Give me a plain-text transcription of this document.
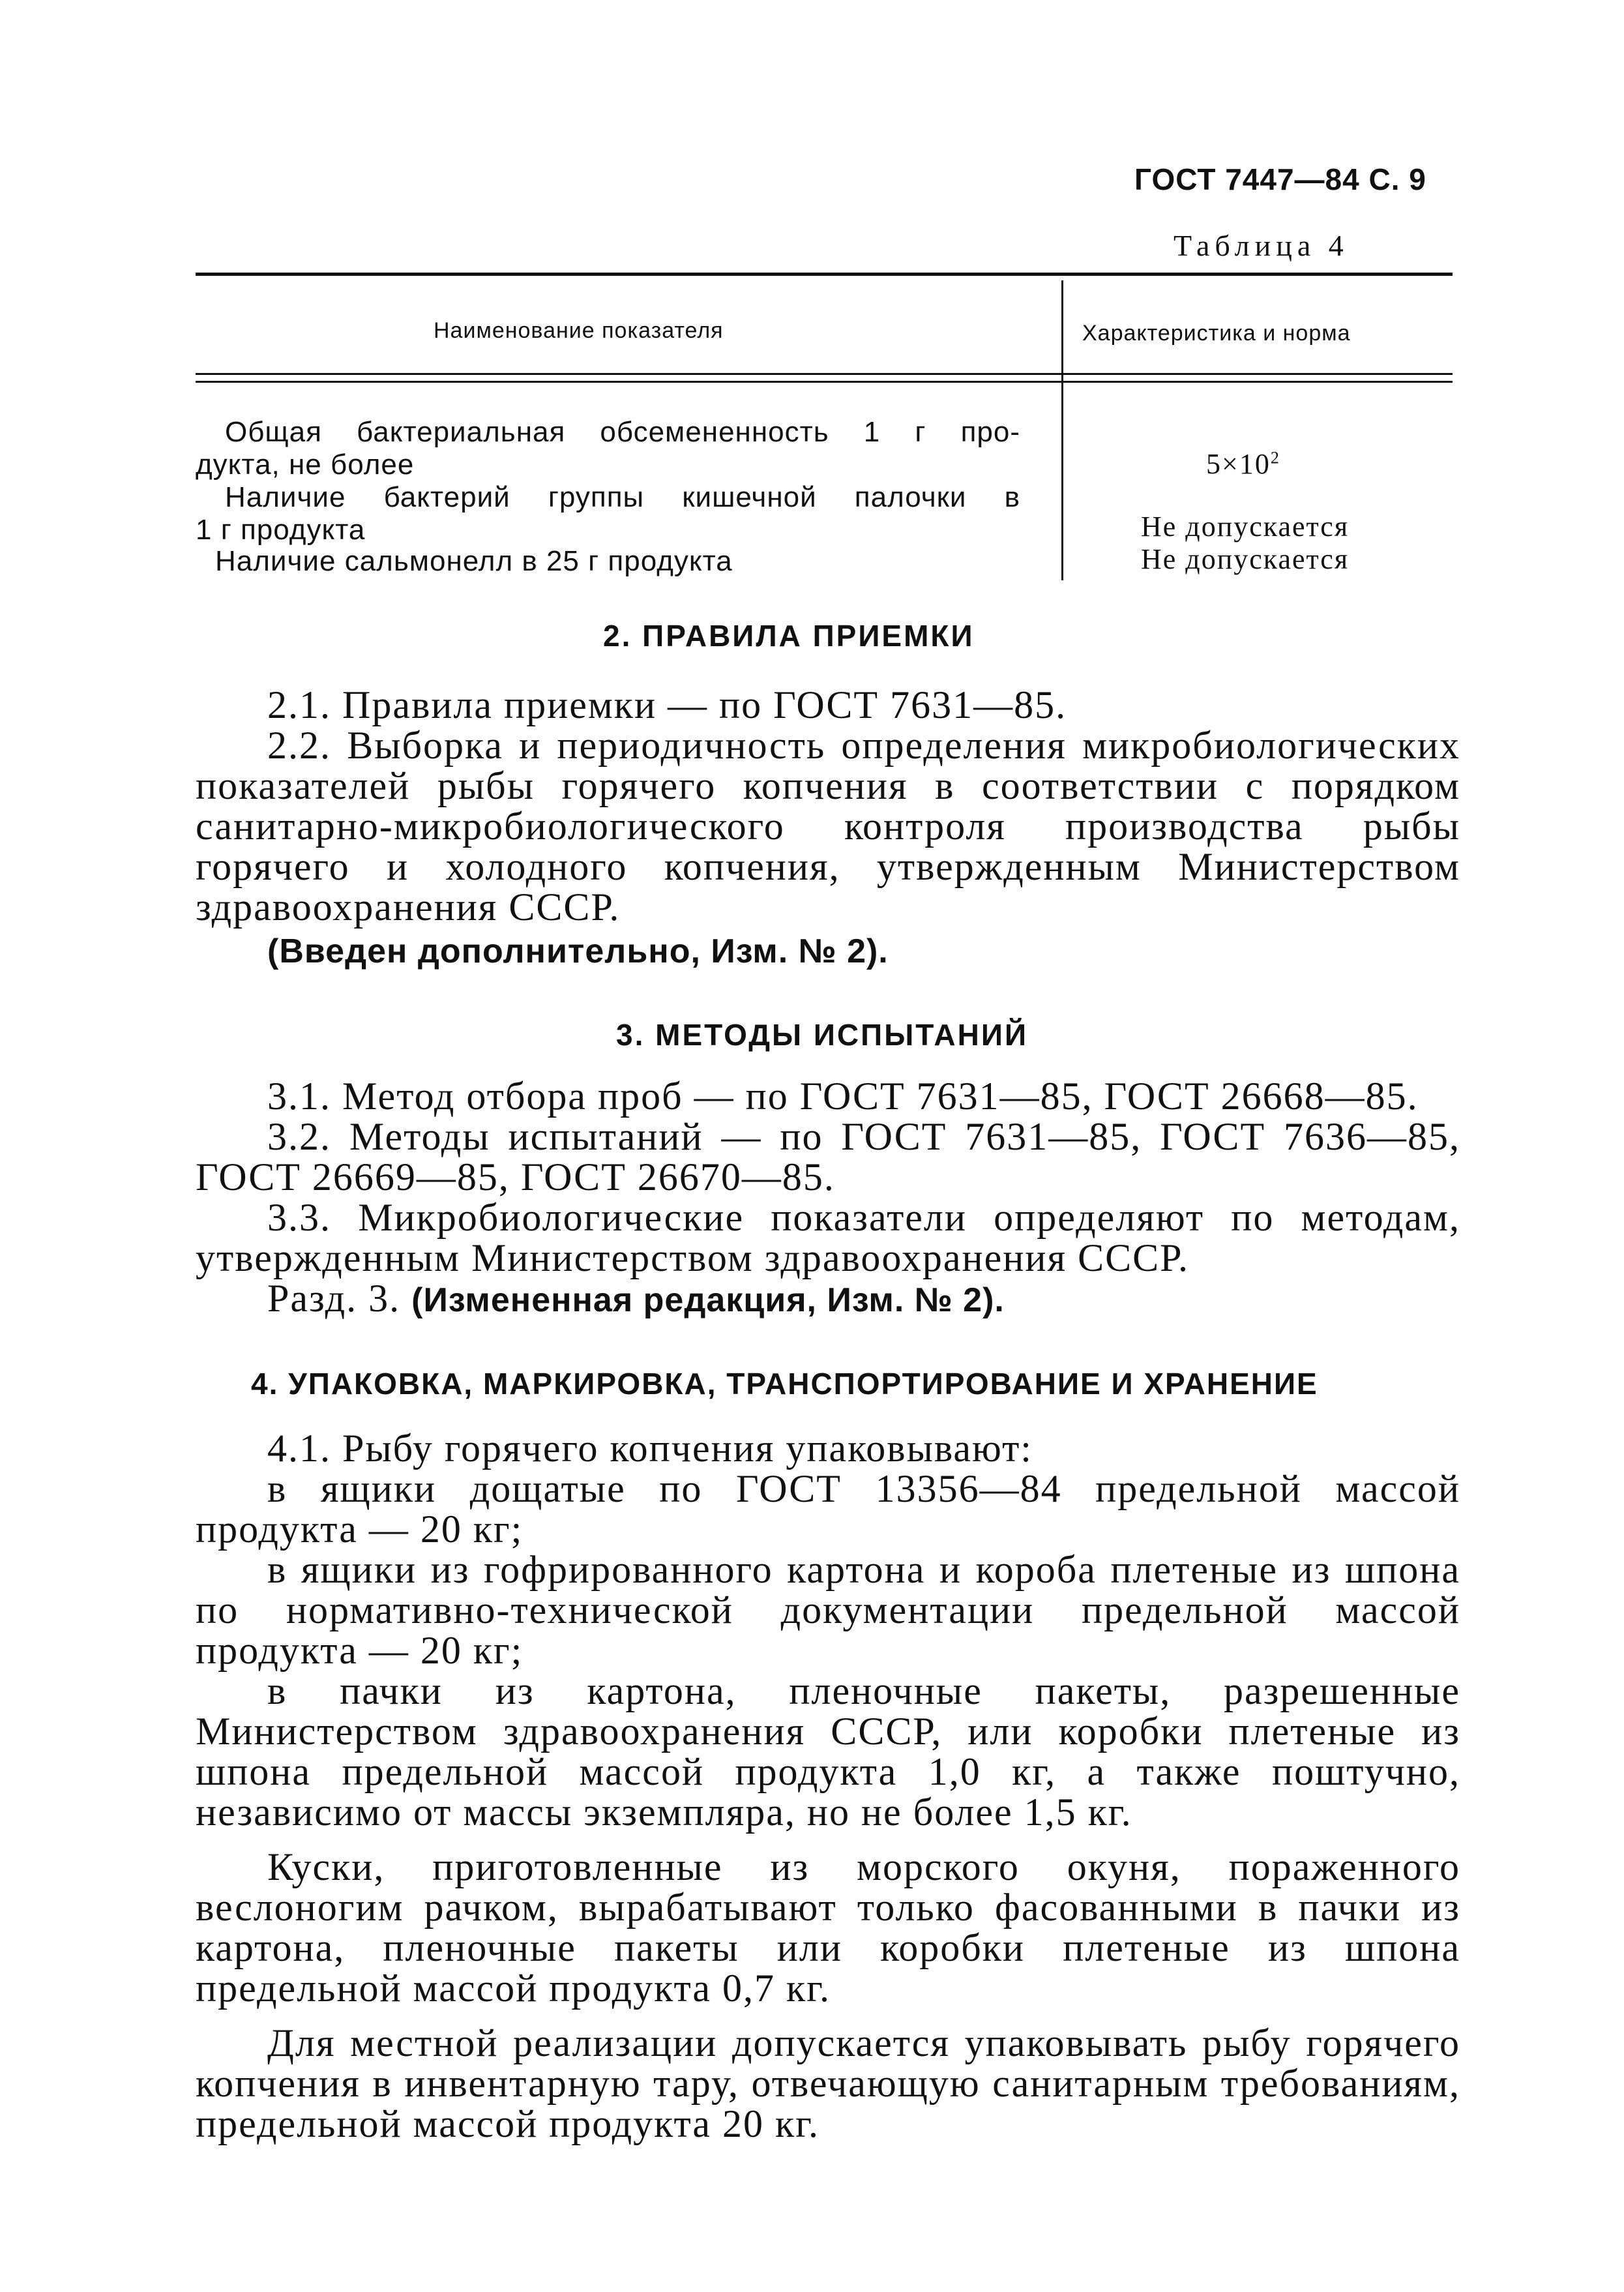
ГОСТ 7447—84 С. 9
Таблица 4
Наименование показателя	Характеристика и норма
Общая бактериальная обсемененность 1 г про-
дукта, не более	$5\times 10^2$
Наличие бактерий группы кишечной палочки в
1 г продукта	Не допускается
Наличие сальмонелл в 25 г продукта	Не допускается
2. ПРАВИЛА ПРИЕМКИ

2.1. Правила приемки — по ГОСТ 7631—85.

2.2. Выборка и периодичность определения микробиологических показателей рыбы горячего копчения в соответствии с порядком санитарно-микробиологического контроля производства рыбы горячего и холодного копчения, утвержденным Министерством здравоохранения СССР.

(Введен дополнительно, Изм. № 2).

3. МЕТОДЫ ИСПЫТАНИЙ

3.1. Метод отбора проб — по ГОСТ 7631—85, ГОСТ 26668—85.

3.2. Методы испытаний — по ГОСТ 7631—85, ГОСТ 7636—85, ГОСТ 26669—85, ГОСТ 26670—85.

3.3. Микробиологические показатели определяют по методам, утвержденным Министерством здравоохранения СССР.

Разд. 3. (Измененная редакция, Изм. № 2).

4. УПАКОВКА, МАРКИРОВКА, ТРАНСПОРТИРОВАНИЕ И ХРАНЕНИЕ

4.1. Рыбу горячего копчения упаковывают:

в ящики дощатые по ГОСТ 13356—84 предельной массой продукта — 20 кг;

в ящики из гофрированного картона и короба плетеные из шпона по нормативно-технической документации предельной массой продукта — 20 кг;

в пачки из картона, пленочные пакеты, разрешенные Министерством здравоохранения СССР, или коробки плетеные из шпона предельной массой продукта 1,0 кг, а также поштучно, независимо от массы экземпляра, но не более 1,5 кг.

Куски, приготовленные из морского окуня, пораженного веслоногим рачком, вырабатывают только фасованными в пачки из картона, пленочные пакеты или коробки плетеные из шпона предельной массой продукта 0,7 кг.

Для местной реализации допускается упаковывать рыбу горячего копчения в инвентарную тару, отвечающую санитарным требованиям, предельной массой продукта 20 кг.
